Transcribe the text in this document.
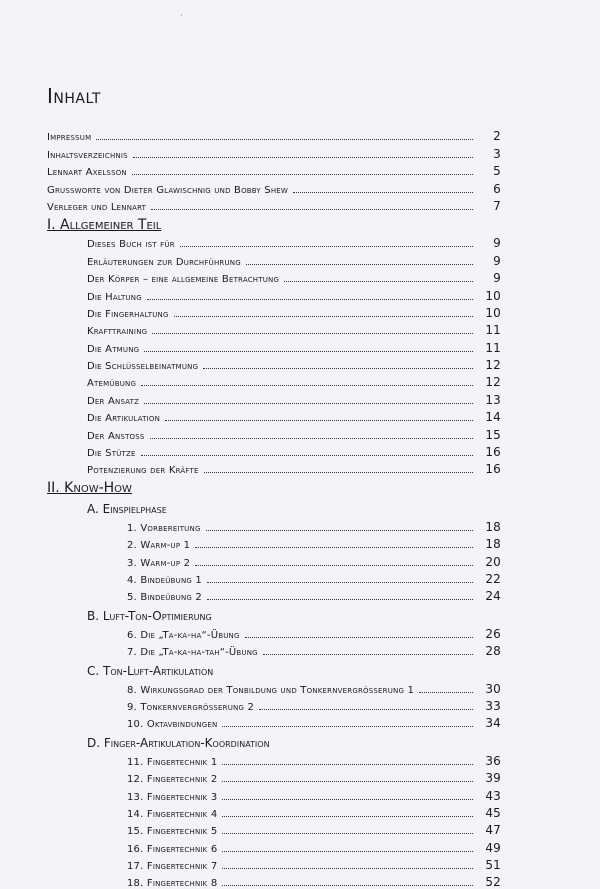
Inhalt
Impressum	2
Inhaltsverzeichnis	3
Lennart Axelsson	5
Grussworte von Dieter Glawischnig und Bobby Shew	6
Verleger und Lennart	7
I. Allgemeiner Teil
Dieses Buch ist für	9
Erläuterungen zur Durchführung	9
Der Körper – eine allgemeine Betrachtung	9
Die Haltung	10
Die Fingerhaltung	10
Krafttraining	11
Die Atmung	11
Die Schlüsselbeinatmung	12
Atemübung	12
Der Ansatz	13
Die Artikulation	14
Der Anstoss	15
Die Stütze	16
Potenzierung der Kräfte	16
II. Know-How
A. Einspielphase
1. Vorbereitung	18
2. Warm-up 1	18
3. Warm-up 2	20
4. Bindeübung 1	22
5. Bindeübung 2	24
B. Luft-Ton-Optimierung
6. Die „Ta-ka-ha“-Übung	26
7. Die „Ta-ka-ha-tah“-Übung	28
C. Ton-Luft-Artikulation
8. Wirkungsgrad der Tonbildung und Tonkernvergrösserung 1	30
9. Tonkernvergrösserung 2	33
10. Oktavbindungen	34
D. Finger-Artikulation-Koordination
11. Fingertechnik 1	36
12. Fingertechnik 2	39
13. Fingertechnik 3	43
14. Fingertechnik 4	45
15. Fingertechnik 5	47
16. Fingertechnik 6	49
17. Fingertechnik 7	51
18. Fingertechnik 8	52
